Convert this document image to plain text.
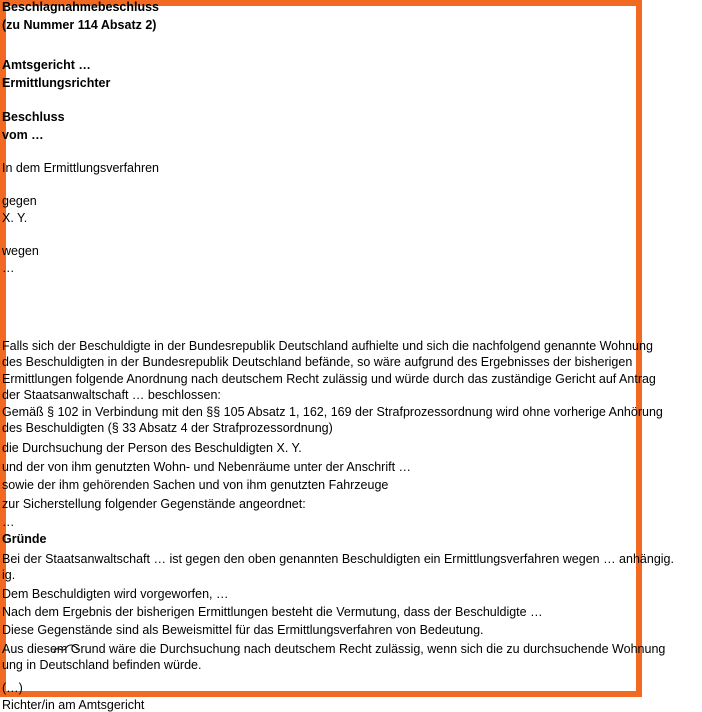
Beschlagnahmebeschluss
(zu Nummer 114 Absatz 2)
Amtsgericht …
Ermittlungsrichter
Beschluss
vom …
In dem Ermittlungsverfahren
gegen
X. Y.
wegen
…
Falls sich der Beschuldigte in der Bundesrepublik Deutschland aufhielte und sich die nachfolgend genannte Wohnung
des Beschuldigten in der Bundesrepublik Deutschland befände, so wäre aufgrund des Ergebnisses der bisherigen
Ermittlungen folgende Anordnung nach deutschem Recht zulässig und würde durch das zuständige Gericht auf Antrag
der Staatsanwaltschaft … beschlossen:
Gemäß § 102 in Verbindung mit den §§ 105 Absatz 1, 162, 169 der Strafprozessordnung wird ohne vorherige Anhörung
des Beschuldigten (§ 33 Absatz 4 der Strafprozessordnung)
die Durchsuchung der Person des Beschuldigten X. Y.
und der von ihm genutzten Wohn- und Nebenräume unter der Anschrift …
sowie der ihm gehörenden Sachen und von ihm genutzten Fahrzeuge
zur Sicherstellung folgender Gegenstände angeordnet:
…
Gründe
Bei der Staatsanwaltschaft … ist gegen den oben genannten Beschuldigten ein Ermittlungsverfahren wegen … anhängig.
ig.
Dem Beschuldigten wird vorgeworfen, …
Nach dem Ergebnis der bisherigen Ermittlungen besteht die Vermutung, dass der Beschuldigte …
Diese Gegenstände sind als Beweismittel für das Ermittlungsverfahren von Bedeutung.
Aus diesem Grund wäre die Durchsuchung nach deutschem Recht zulässig, wenn sich die zu durchsuchende Wohnung
ung in Deutschland befinden würde.
(…)
Richter/in am Amtsgericht
